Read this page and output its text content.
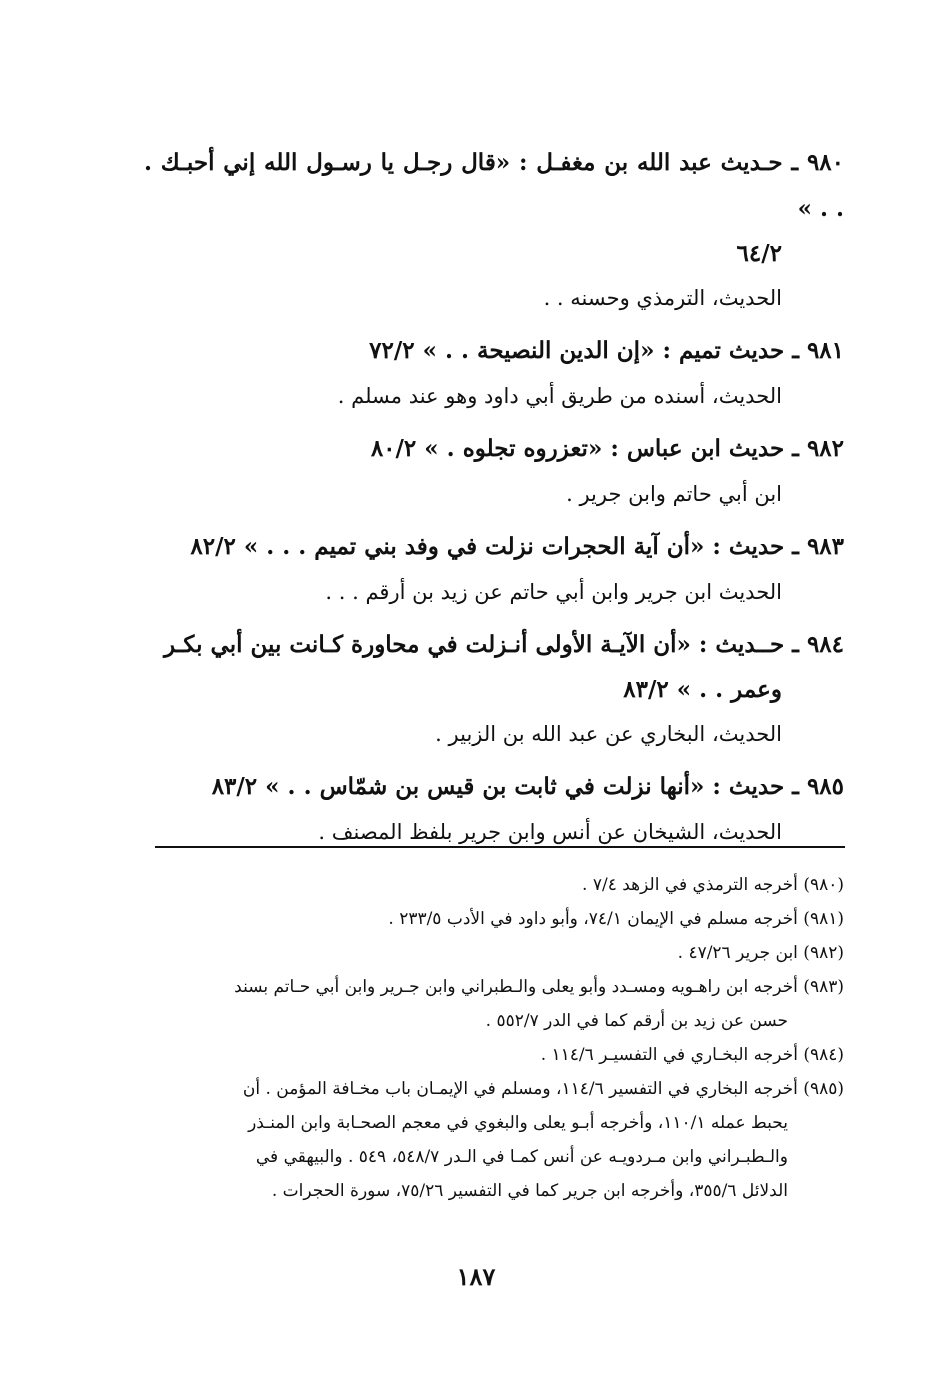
٩٨٠ ـ حـديث عبد الله بن مغفـل : «قال رجـل يا رسـول الله إني أحبـك . . . »
٦٤/٢
الحديث، الترمذي وحسنه . .
٩٨١ ـ حديث تميم : «إن الدين النصيحة . . » ٧٢/٢
الحديث، أسنده من طريق أبي داود وهو عند مسلم .
٩٨٢ ـ حديث ابن عباس : «تعزروه تجلوه . » ٨٠/٢
ابن أبي حاتم وابن جرير .
٩٨٣ ـ حديث : «أن آية الحجرات نزلت في وفد بني تميم . . . » ٨٢/٢
الحديث ابن جرير وابن أبي حاتم عن زيد بن أرقم . . .
٩٨٤ ـ حــديث : «أن الآيـة الأولى أنـزلت في محاورة كـانت بين أبي بكـر
وعمر . . » ٨٣/٢
الحديث، البخاري عن عبد الله بن الزبير .
٩٨٥ ـ حديث : «أنها نزلت في ثابت بن قيس بن شمّاس . . » ٨٣/٢
الحديث، الشيخان عن أنس وابن جرير بلفظ المصنف .
(٩٨٠) أخرجه الترمذي في الزهد ٧/٤ .
(٩٨١) أخرجه مسلم في الإيمان ٧٤/١، وأبو داود في الأدب ٢٣٣/٥ .
(٩٨٢) ابن جرير ٤٧/٢٦ .
(٩٨٣) أخرجه ابن راهـويه ومسـدد وأبو يعلى والـطبراني وابن جـرير وابن أبي حـاتم بسند
حسن عن زيد بن أرقم كما في الدر ٥٥٢/٧ .
(٩٨٤) أخرجه البخـاري في التفسيـر ١١٤/٦ .
(٩٨٥) أخرجه البخاري في التفسير ١١٤/٦، ومسلم في الإيمـان باب مخـافة المؤمن . أن
يحبط عمله ١١٠/١، وأخرجه أبـو يعلى والبغوي في معجم الصحـابة وابن المنـذر
والـطبـراني وابن مـردويـه عن أنس كمـا في الـدر ٥٤٨/٧، ٥٤٩ . والبيهقي في
الدلائل ٣٥٥/٦، وأخرجه ابن جرير كما في التفسير ٧٥/٢٦، سورة الحجرات .
١٨٧
